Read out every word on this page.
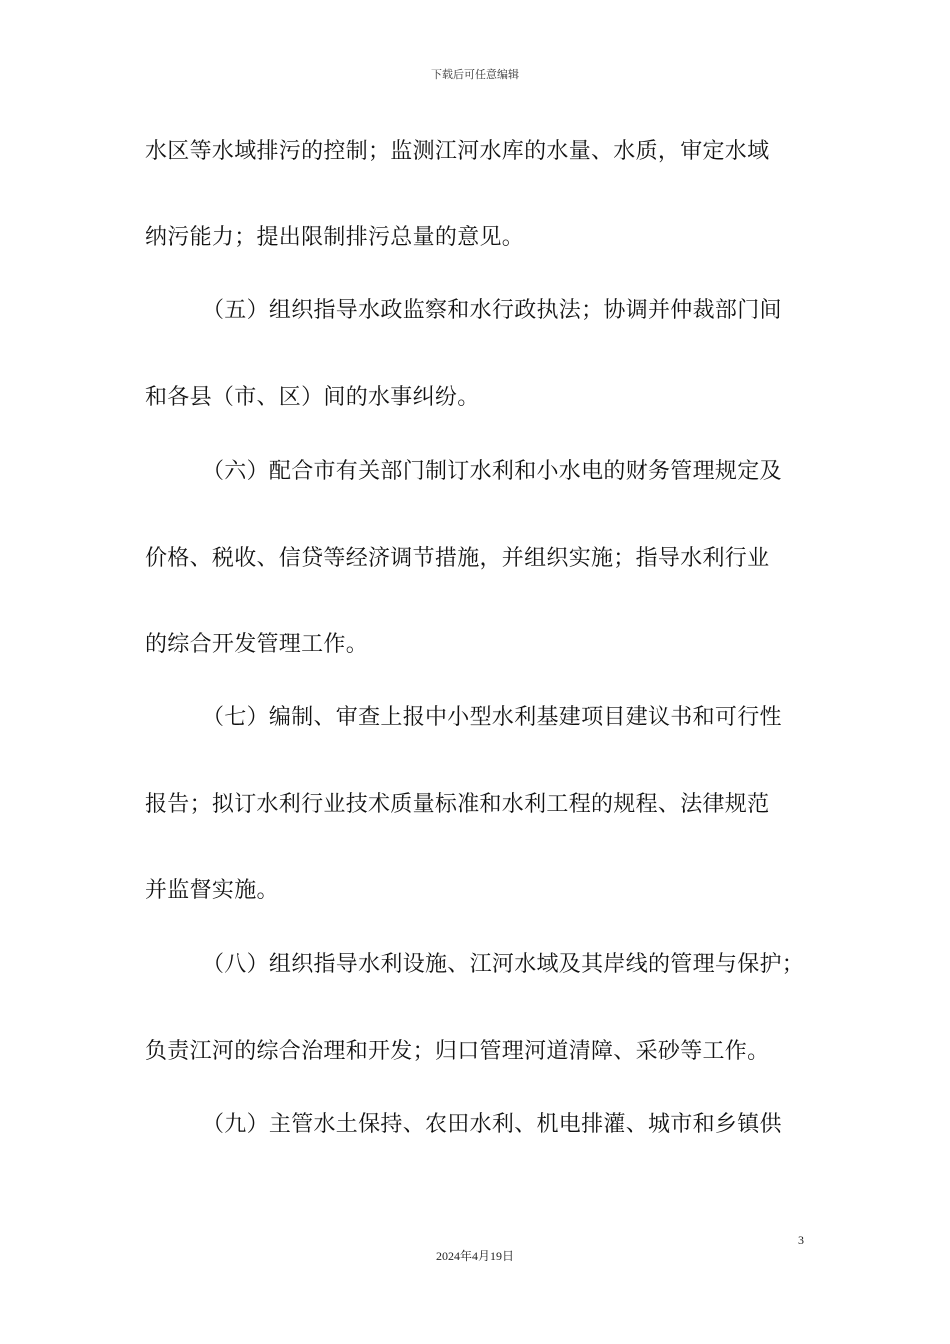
下载后可任意编辑
水区等水域排污的控制；监测江河水库的水量、水质，审定水域
纳污能力；提出限制排污总量的意见。
（五）组织指导水政监察和水行政执法；协调并仲裁部门间
和各县（市、区）间的水事纠纷。
（六）配合市有关部门制订水利和小水电的财务管理规定及
价格、税收、信贷等经济调节措施，并组织实施；指导水利行业
的综合开发管理工作。
（七）编制、审查上报中小型水利基建项目建议书和可行性
报告；拟订水利行业技术质量标准和水利工程的规程、法律规范
并监督实施。
（八）组织指导水利设施、江河水域及其岸线的管理与保护；
负责江河的综合治理和开发；归口管理河道清障、采砂等工作。
（九）主管水土保持、农田水利、机电排灌、城市和乡镇供
3
2024年4月19日
